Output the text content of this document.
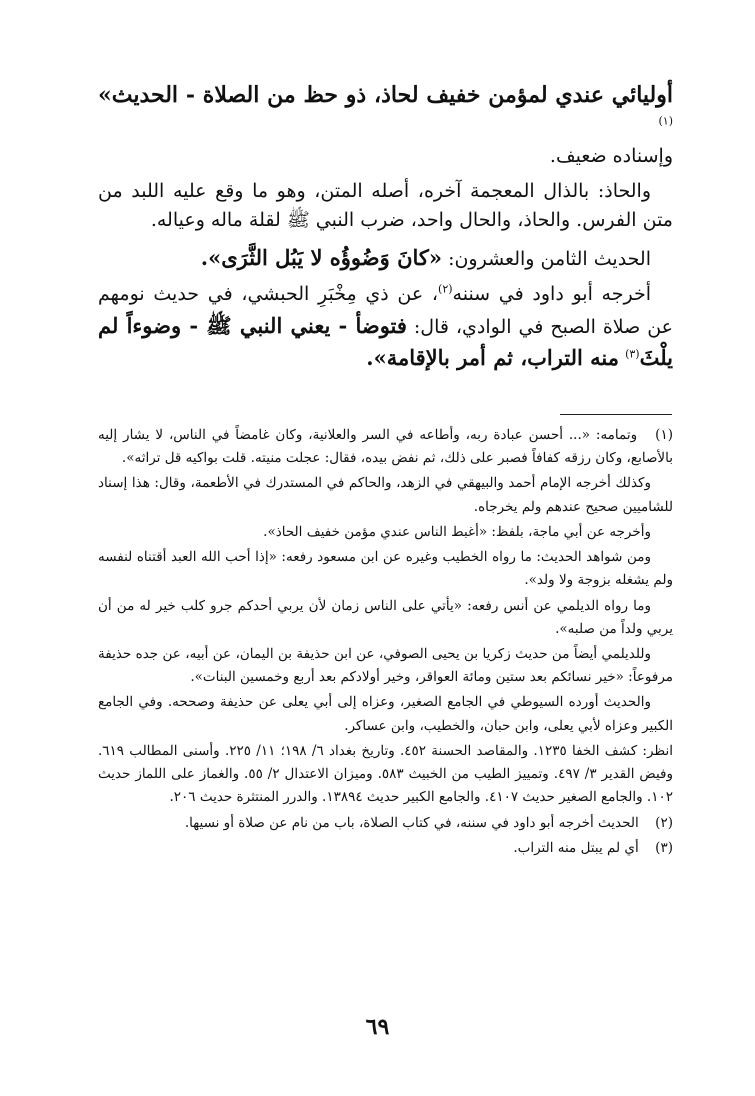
أوليائي عندي لمؤمن خفيف لحاذ، ذو حظ من الصلاة - الحديث» $^{(١)}$
وإسناده ضعيف.

والحاذ: بالذال المعجمة آخره، أصله المتن، وهو ما وقع عليه اللبد من متن الفرس. والحاذ، والحال واحد، ضرب النبي ﷺ لقلة ماله وعياله.

الحديث الثامن والعشرون: «كانَ وَضُوؤُه لا يَبُل الثَّرَى».

أخرجه أبو داود في سننه$^{(٢)}$، عن ذي مِخْبَرِ الحبشي، في حديث نومهم عن صلاة الصبح في الوادي، قال: فتوضأ - يعني النبي ﷺ - وضوءاً لم يلْثَ$^{(٣)}$ منه التراب، ثم أمر بالإقامة».

(١) وتمامه: «... أحسن عبادة ربه، وأطاعه في السر والعلانية، وكان غامضاً في الناس، لا يشار إليه بالأصابع، وكان رزقه كفافاً فصبر على ذلك، ثم نفض بيده، فقال: عجلت منيته. قلت بواكيه قل تراثه».

وكذلك أخرجه الإمام أحمد والبيهقي في الزهد، والحاكم في المستدرك في الأطعمة، وقال: هذا إسناد للشاميين صحيح عندهم ولم يخرجاه.

وأخرجه عن أبي ماجة، بلفظ: «أغبط الناس عندي مؤمن خفيف الحاذ».

ومن شواهد الحديث: ما رواه الخطيب وغيره عن ابن مسعود رفعه: «إذا أحب الله العبد أقتناه لنفسه ولم يشغله بزوجة ولا ولد».

وما رواه الديلمي عن أنس رفعه: «يأتي على الناس زمان لأن يربي أحدكم جرو كلب خير له من أن يربي ولداً من صلبه».

وللديلمي أيضاً من حديث زكريا بن يحيى الصوفي، عن ابن حذيفة بن اليمان، عن أبيه، عن جده حذيفة مرفوعاً: «خير نسائكم بعد ستين ومائة العواقر، وخير أولادكم بعد أربع وخمسين البنات».

والحديث أورده السيوطي في الجامع الصغير، وعزاه إلى أبي يعلى عن حذيفة وصححه. وفي الجامع الكبير وعزاه لأبي يعلى، وابن حبان، والخطيب، وابن عساكر.

انظر: كشف الخفا ١٢٣٥. والمقاصد الحسنة ٤٥٢. وتاريخ بغداد ٦/ ١٩٨؛ ١١/ ٢٢٥. وأسنى المطالب ٦١٩. وفيض القدير ٣/ ٤٩٧. وتمييز الطيب من الخبيث ٥٨٣. وميزان الاعتدال ٢/ ٥٥. والغماز على اللماز حديث ١٠٢. والجامع الصغير حديث ٤١٠٧. والجامع الكبير حديث ١٣٨٩٤. والدرر المنتثرة حديث ٢٠٦.

(٢) الحديث أخرجه أبو داود في سننه، في كتاب الصلاة، باب من نام عن صلاة أو نسيها.

(٣) أي لم يبتل منه التراب.

٦٩
